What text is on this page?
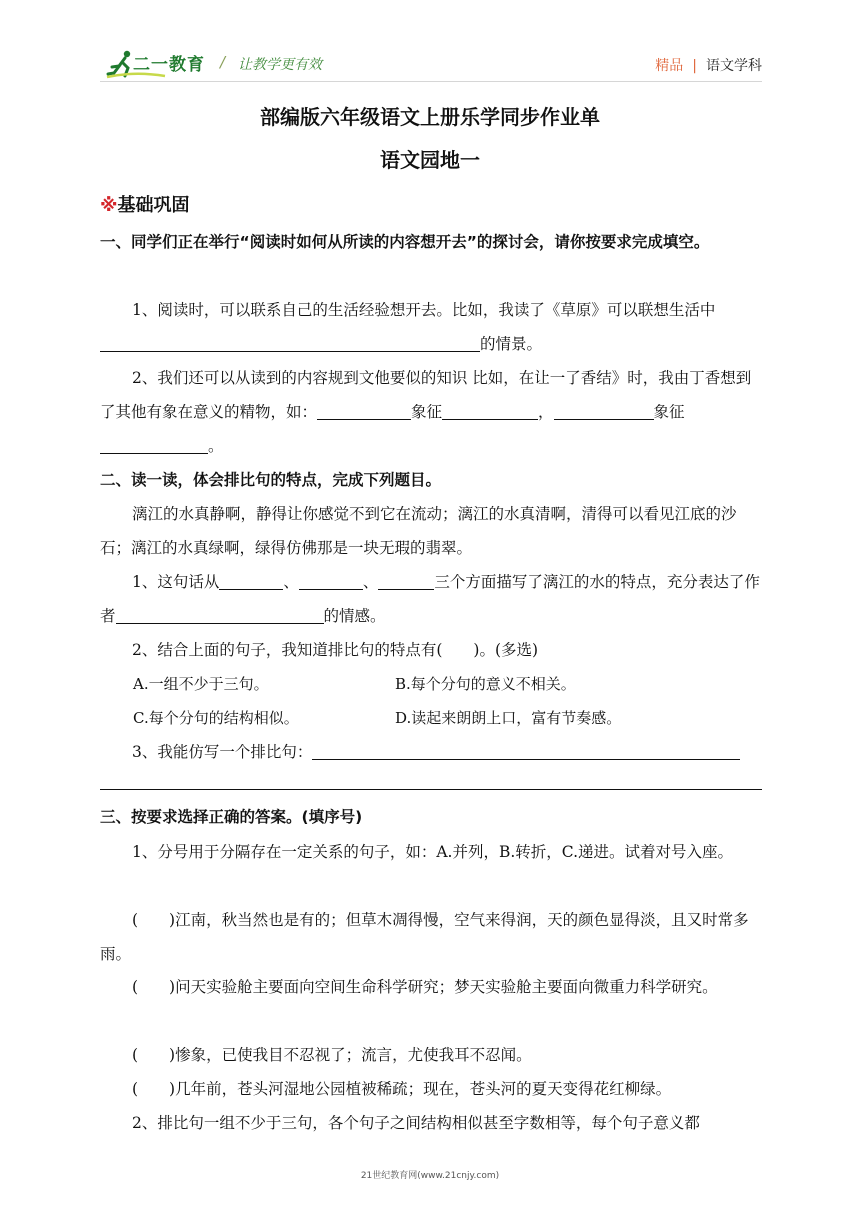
二一教育 / 让教学更有效	精品 | 语文学科
部编版六年级语文上册乐学同步作业单
语文园地一
※基础巩固
一、同学们正在举行“阅读时如何从所读的内容想开去”的探讨会，请你按要求完成填空。
1、阅读时，可以联系自己的生活经验想开去。比如，我读了《草原》可以联想生活中的情景。
2、我们还可以从读到的内容规到文他要似的知识 比如，在让一了香结》时，我由丁香想到了其他有象在意义的精物，如：	象征	，	象征。
二、读一读，体会排比句的特点，完成下列题目。
漓江的水真静啊，静得让你感觉不到它在流动；漓江的水真清啊，清得可以看见江底的沙石；漓江的水真绿啊，绿得仿佛那是一块无瑕的翡翠。
1、这句话从	、	、	三个方面描写了漓江的水的特点，充分表达了作者	的情感。
2、结合上面的句子，我知道排比句的特点有(　　)。(多选)
A.一组不少于三句。	B.每个分句的意义不相关。
C.每个分句的结构相似。	D.读起来朗朗上口，富有节奏感。
3、我能仿写一个排比句：
三、按要求选择正确的答案。(填序号)
1、分号用于分隔存在一定关系的句子，如：A.并列，B.转折，C.递进。试着对号入座。
(　　)江南，秋当然也是有的；但草木凋得慢，空气来得润，天的颜色显得淡，且又时常多雨。
(　　)问天实验舱主要面向空间生命科学研究；梦天实验舱主要面向微重力科学研究。
(　　)惨象，已使我目不忍视了；流言，尤使我耳不忍闻。
(　　)几年前，苍头河湿地公园植被稀疏；现在，苍头河的夏天变得花红柳绿。
2、排比句一组不少于三句，各个句子之间结构相似甚至字数相等，每个句子意义都
21世纪教育网(www.21cnjy.com)
